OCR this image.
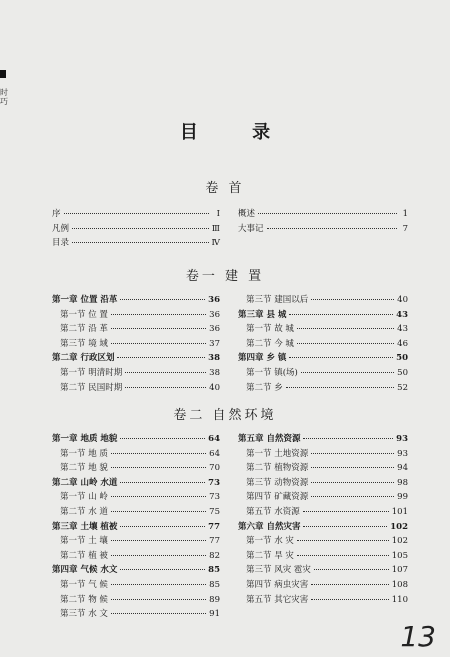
时巧
目 录
卷 首
序	Ⅰ
凡例	Ⅲ
目录	Ⅳ
概述	1
大事记	7
卷一 建 置
第一章 位置 沿革	36
第一节 位 置	36
第二节 沿 革	36
第三节 境 域	37
第二章 行政区划	38
第一节 明清时期	38
第二节 民国时期	40
第三节 建国以后	40
第三章 县 城	43
第一节 故 城	43
第二节 今 城	46
第四章 乡 镇	50
第一节 镇(场)	50
第二节 乡	52
卷二 自然环境
第一章 地质 地貌	64
第一节 地 质	64
第二节 地 貌	70
第二章 山岭 水道	73
第一节 山 岭	73
第二节 水 道	75
第三章 土壤 植被	77
第一节 土 壤	77
第二节 植 被	82
第四章 气候 水文	85
第一节 气 候	85
第二节 物 候	89
第三节 水 文	91
第五章 自然资源	93
第一节 土地资源	93
第二节 植物资源	94
第三节 动物资源	98
第四节 矿藏资源	99
第五节 水资源	101
第六章 自然灾害	102
第一节 水 灾	102
第二节 旱 灾	105
第三节 风灾 雹灾	107
第四节 病虫灾害	108
第五节 其它灾害	110
13
